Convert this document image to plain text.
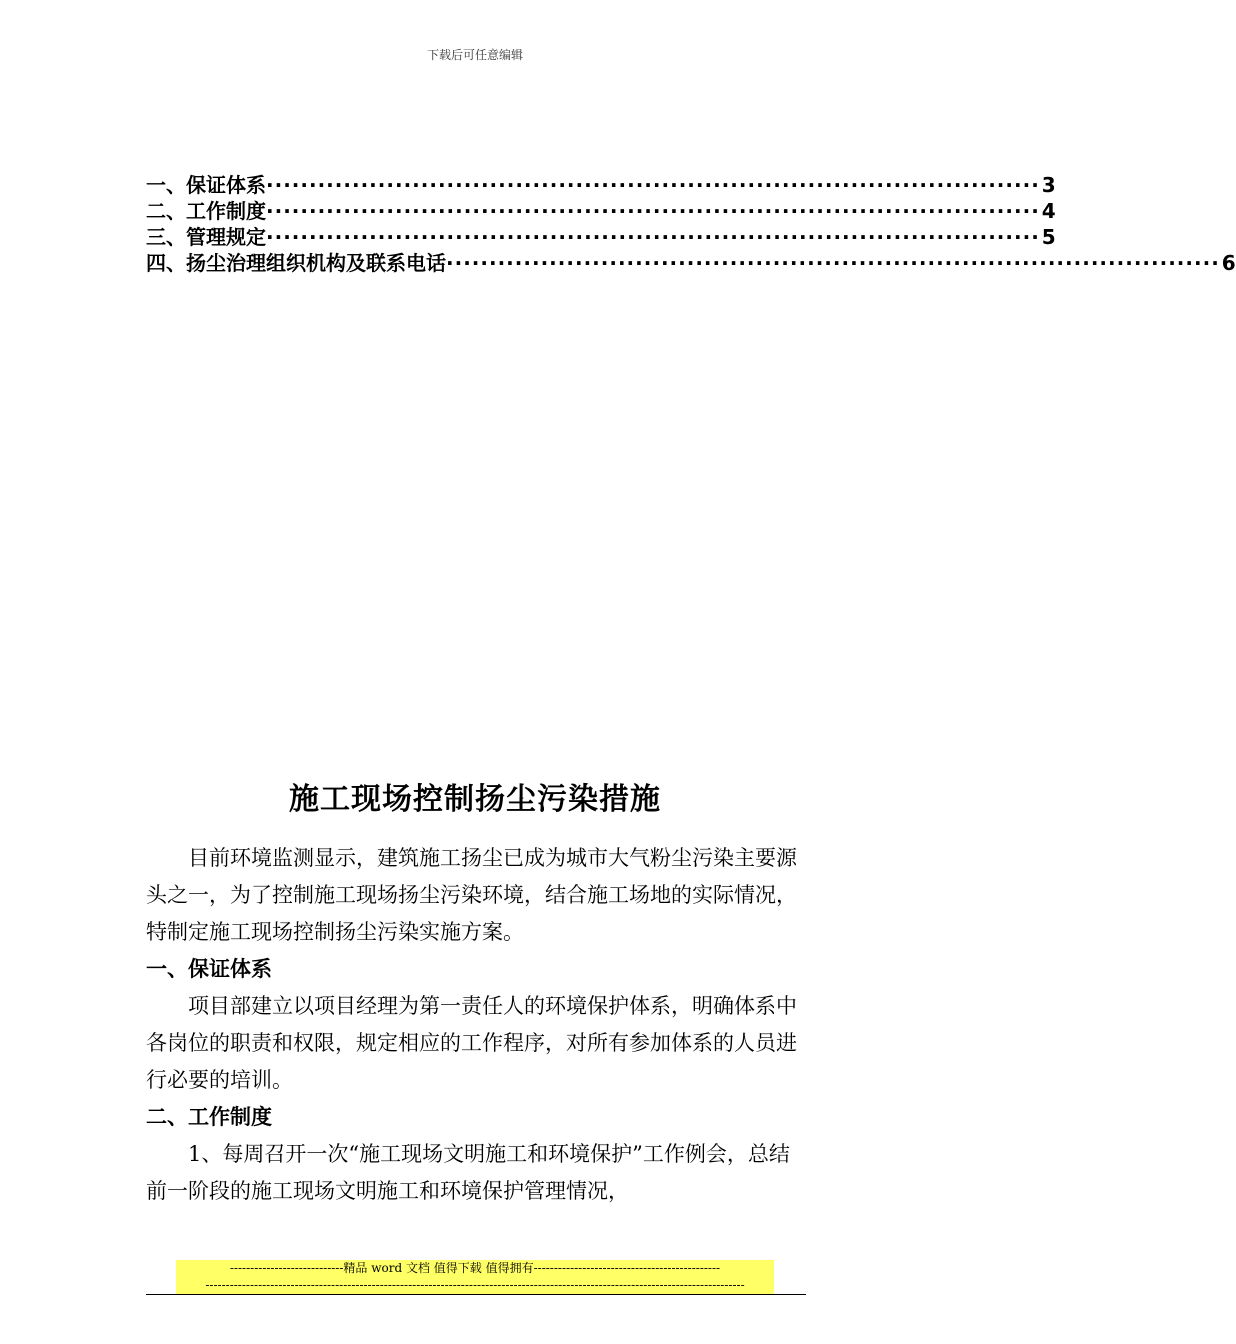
下载后可任意编辑
一、保证体系 ·························································································· 3
二、工作制度 ·························································································· 4
三、管理规定 ·························································································· 5
四、扬尘治理组织机构及联系电话 ·························································································· 6
施工现场控制扬尘污染措施

目前环境监测显示，建筑施工扬尘已成为城市大气粉尘污染主要源头之一，为了控制施工现场扬尘污染环境，结合施工场地的实际情况，特制定施工现场控制扬尘污染实施方案。

一、保证体系

项目部建立以项目经理为第一责任人的环境保护体系，明确体系中各岗位的职责和权限，规定相应的工作程序，对所有参加体系的人员进行必要的培训。

二、工作制度

1、每周召开一次“施工现场文明施工和环境保护”工作例会，总结前一阶段的施工现场文明施工和环境保护管理情况，

----------------------------精品 word 文档 值得下载 值得拥有----------------------------------------------
-------------------------------------------------------------------------------------------------------------------------------------
